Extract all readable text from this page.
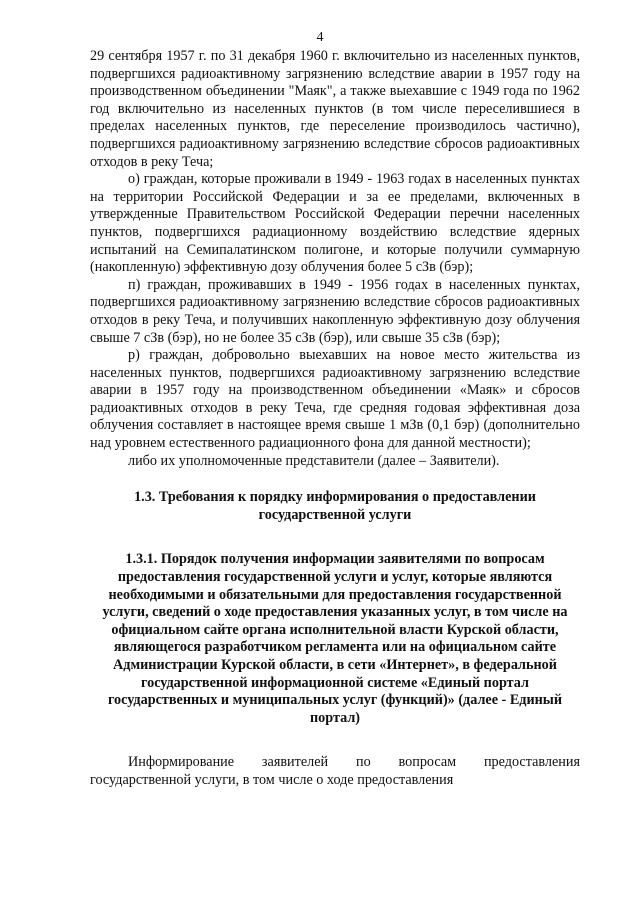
4

29 сентября 1957 г. по 31 декабря 1960 г. включительно из населенных пунктов, подвергшихся радиоактивному загрязнению вследствие аварии в 1957 году на производственном объединении "Маяк", а также выехавшие с 1949 года по 1962 год включительно из населенных пунктов (в том числе переселившиеся в пределах населенных пунктов, где переселение производилось частично), подвергшихся радиоактивному загрязнению вследствие сбросов радиоактивных отходов в реку Теча;

о) граждан, которые проживали в 1949 - 1963 годах в населенных пунктах на территории Российской Федерации и за ее пределами, включенных в утвержденные Правительством Российской Федерации перечни населенных пунктов, подвергшихся радиационному воздействию вследствие ядерных испытаний на Семипалатинском полигоне, и которые получили суммарную (накопленную) эффективную дозу облучения более 5 сЗв (бэр);

п) граждан, проживавших в 1949 - 1956 годах в населенных пунктах, подвергшихся радиоактивному загрязнению вследствие сбросов радиоактивных отходов в реку Теча, и получивших накопленную эффективную дозу облучения свыше 7 сЗв (бэр), но не более 35 сЗв (бэр), или свыше 35 сЗв (бэр);

р) граждан, добровольно выехавших на новое место жительства из населенных пунктов, подвергшихся радиоактивному загрязнению вследствие аварии в 1957 году на производственном объединении «Маяк» и сбросов радиоактивных отходов в реку Теча, где средняя годовая эффективная доза облучения составляет в настоящее время свыше 1 мЗв (0,1 бэр) (дополнительно над уровнем естественного радиационного фона для данной местности);

либо их уполномоченные представители (далее – Заявители).

1.3. Требования к порядку информирования о предоставлении государственной услуги

1.3.1. Порядок получения информации заявителями по вопросам предоставления государственной услуги и услуг, которые являются необходимыми и обязательными для предоставления государственной услуги, сведений о ходе предоставления указанных услуг, в том числе на официальном сайте органа исполнительной власти Курской области, являющегося разработчиком регламента или на официальном сайте Администрации Курской области, в сети «Интернет», в федеральной государственной информационной системе «Единый портал государственных и муниципальных услуг (функций)» (далее - Единый портал)

Информирование заявителей по вопросам предоставления государственной услуги, в том числе о ходе предоставления
